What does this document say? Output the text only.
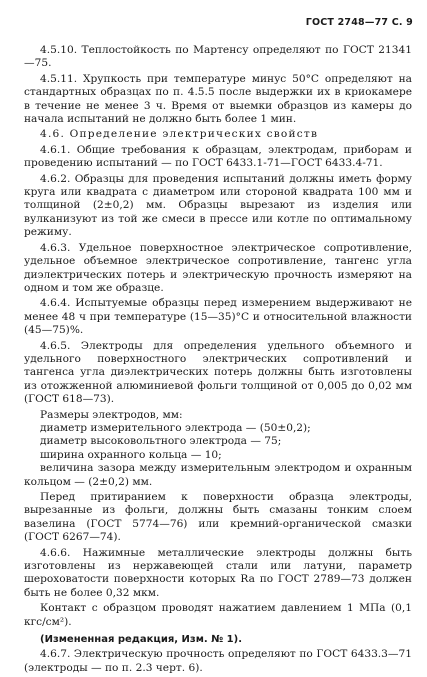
ГОСТ 2748—77 С. 9

4.5.10. Теплостойкость по Мартенсу определяют по ГОСТ 21341—75.

4.5.11. Хрупкость при температуре минус 50°С определяют на стандартных образцах по п. 4.5.5 после выдержки их в криокамере в течение не менее 3 ч. Время от выемки образцов из камеры до начала испытаний не должно быть более 1 мин.

4.6. Определение электрических свойств

4.6.1. Общие требования к образцам, электродам, приборам и проведению испытаний — по ГОСТ 6433.1-71—ГОСТ 6433.4-71.

4.6.2. Образцы для проведения испытаний должны иметь форму круга или квадрата с диаметром или стороной квадрата 100 мм и толщиной (2±0,2) мм. Образцы вырезают из изделия или вулканизуют из той же смеси в прессе или котле по оптимальному режиму.

4.6.3. Удельное поверхностное электрическое сопротивление, удельное объемное электрическое сопротивление, тангенс угла диэлектрических потерь и электрическую прочность измеряют на одном и том же образце.

4.6.4. Испытуемые образцы перед измерением выдерживают не менее 48 ч при температуре (15—35)°С и относительной влажности (45—75)%.

4.6.5. Электроды для определения удельного объемного и удельного поверхностного электрических сопротивлений и тангенса угла диэлектрических потерь должны быть изготовлены из отожженной алюминиевой фольги толщиной от 0,005 до 0,02 мм (ГОСТ 618—73).

Размеры электродов, мм:

диаметр измерительного электрода — (50±0,2);

диаметр высоковольтного электрода — 75;

ширина охранного кольца — 10;

величина зазора между измерительным электродом и охранным кольцом — (2±0,2) мм.

Перед притиранием к поверхности образца электроды, вырезанные из фольги, должны быть смазаны тонким слоем вазелина (ГОСТ 5774—76) или кремний-органической смазки (ГОСТ 6267—74).

4.6.6. Нажимные металлические электроды должны быть изготовлены из нержавеющей стали или латуни, параметр шероховатости поверхности которых Ra по ГОСТ 2789—73 должен быть не более 0,32 мкм.

Контакт с образцом проводят нажатием давлением 1 МПа (0,1 кгс/см²).

(Измененная редакция, Изм. № 1).

4.6.7. Электрическую прочность определяют по ГОСТ 6433.3—71 (электроды — по п. 2.3 черт. 6).
